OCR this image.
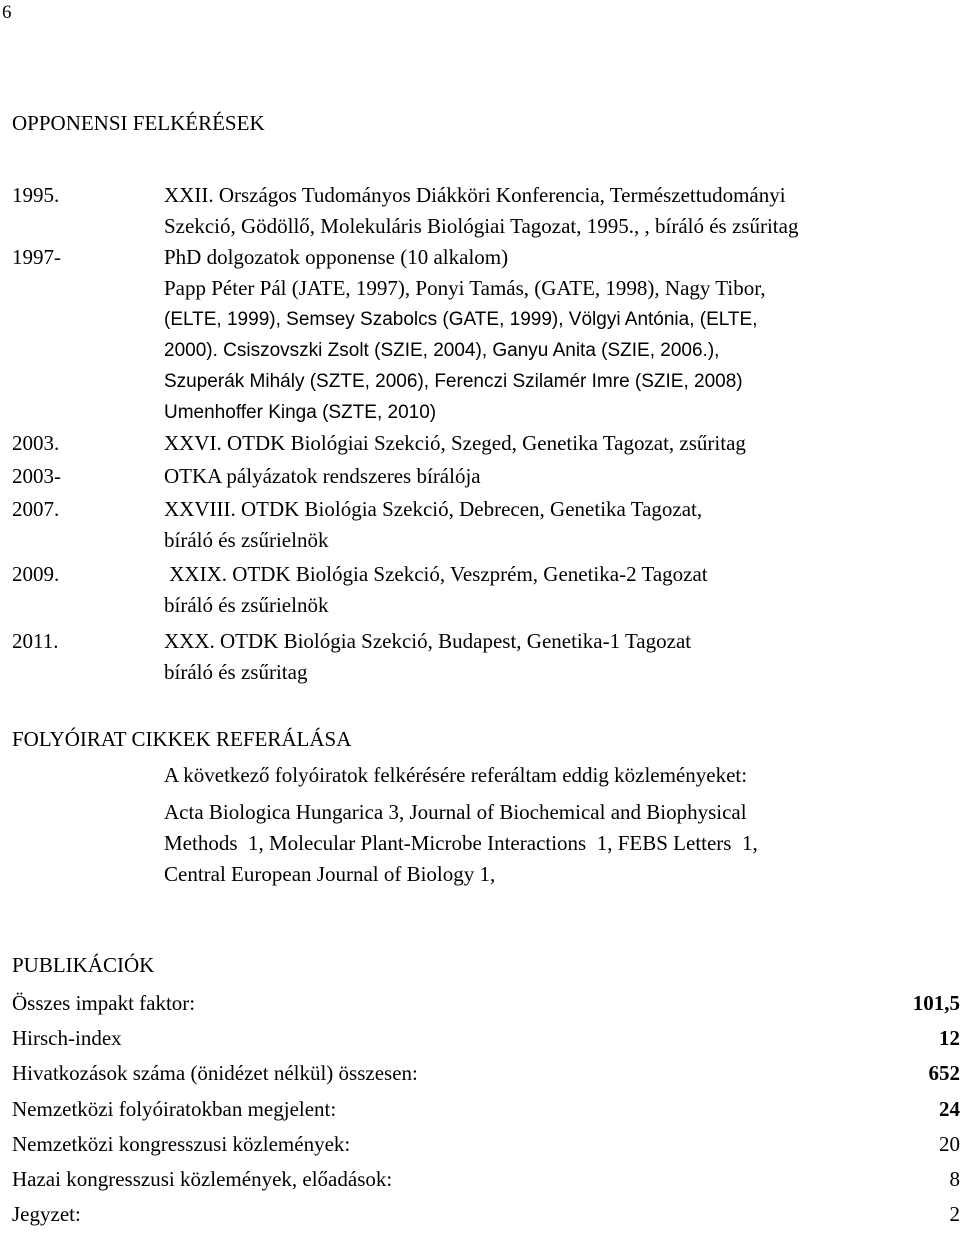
6
OPPONENSI FELKÉRÉSEK
1995.	XXII. Országos Tudományos Diákköri Konferencia, Természettudományi
Szekció, Gödöllő, Molekuláris Biológiai Tagozat, 1995., , bíráló és zsűritag
1997-	PhD dolgozatok opponense (10 alkalom)
Papp Péter Pál (JATE, 1997), Ponyi Tamás, (GATE, 1998), Nagy Tibor,
(ELTE, 1999), Semsey Szabolcs (GATE, 1999), Völgyi Antónia, (ELTE,
2000). Csiszovszki Zsolt (SZIE, 2004), Ganyu Anita (SZIE, 2006.),
Szuperák Mihály (SZTE, 2006), Ferenczi Szilamér Imre (SZIE, 2008)
Umenhoffer Kinga (SZTE, 2010)
2003.	XXVI. OTDK Biológiai Szekció, Szeged, Genetika Tagozat, zsűritag
2003-	OTKA pályázatok rendszeres bírálója
2007.	XXVIII. OTDK Biológia Szekció, Debrecen, Genetika Tagozat,
bíráló és zsűrielnök
2009.	XXIX. OTDK Biológia Szekció, Veszprém, Genetika-2 Tagozat
bíráló és zsűrielnök
2011.	XXX. OTDK Biológia Szekció, Budapest, Genetika-1 Tagozat
bíráló és zsűritag
FOLYÓIRAT CIKKEK REFERÁLÁSA
A következő folyóiratok felkérésére referáltam eddig közleményeket:
Acta Biologica Hungarica 3, Journal of Biochemical and Biophysical
Methods  1, Molecular Plant-Microbe Interactions  1, FEBS Letters  1,
Central European Journal of Biology 1,
PUBLIKÁCIÓK
Összes impakt faktor:	101,5
Hirsch-index	12
Hivatkozások száma (önidézet nélkül) összesen:	652
Nemzetközi folyóiratokban megjelent:	24
Nemzetközi kongresszusi közlemények:	20
Hazai kongresszusi közlemények, előadások:	8
Jegyzet:	2
